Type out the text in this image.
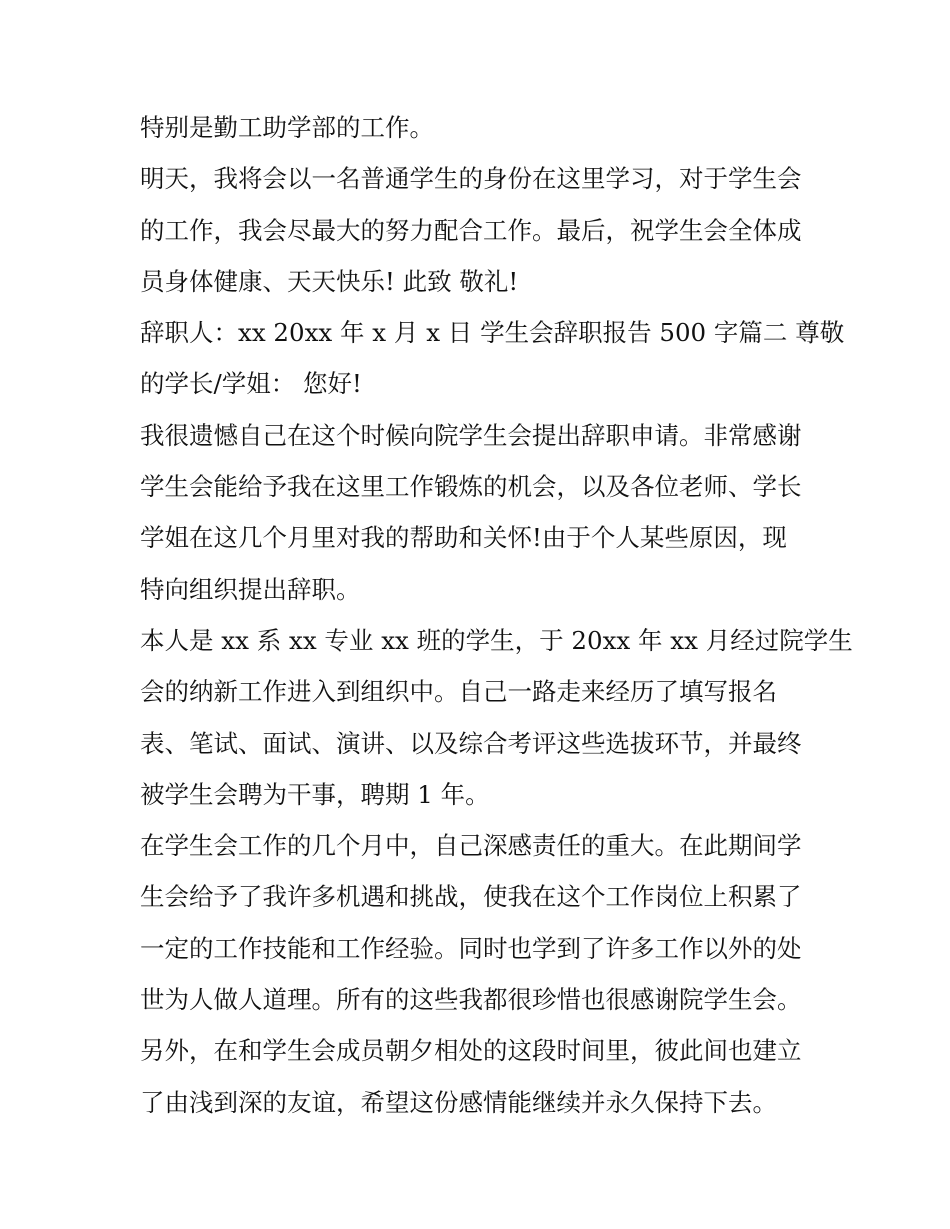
特别是勤工助学部的工作。
明天，我将会以一名普通学生的身份在这里学习，对于学生会
的工作，我会尽最大的努力配合工作。最后，祝学生会全体成
员身体健康、天天快乐! 此致 敬礼!
辞职人：xx 20xx 年 x 月 x 日 学生会辞职报告 500 字篇二 尊敬
的学长/学姐： 您好!
我很遗憾自己在这个时候向院学生会提出辞职申请。非常感谢
学生会能给予我在这里工作锻炼的机会，以及各位老师、学长
学姐在这几个月里对我的帮助和关怀!由于个人某些原因，现
特向组织提出辞职。
本人是 xx 系 xx 专业 xx 班的学生，于 20xx 年 xx 月经过院学生
会的纳新工作进入到组织中。自己一路走来经历了填写报名
表、笔试、面试、演讲、以及综合考评这些选拔环节，并最终
被学生会聘为干事，聘期 1 年。
在学生会工作的几个月中，自己深感责任的重大。在此期间学
生会给予了我许多机遇和挑战，使我在这个工作岗位上积累了
一定的工作技能和工作经验。同时也学到了许多工作以外的处
世为人做人道理。所有的这些我都很珍惜也很感谢院学生会。
另外，在和学生会成员朝夕相处的这段时间里，彼此间也建立
了由浅到深的友谊，希望这份感情能继续并永久保持下去。
